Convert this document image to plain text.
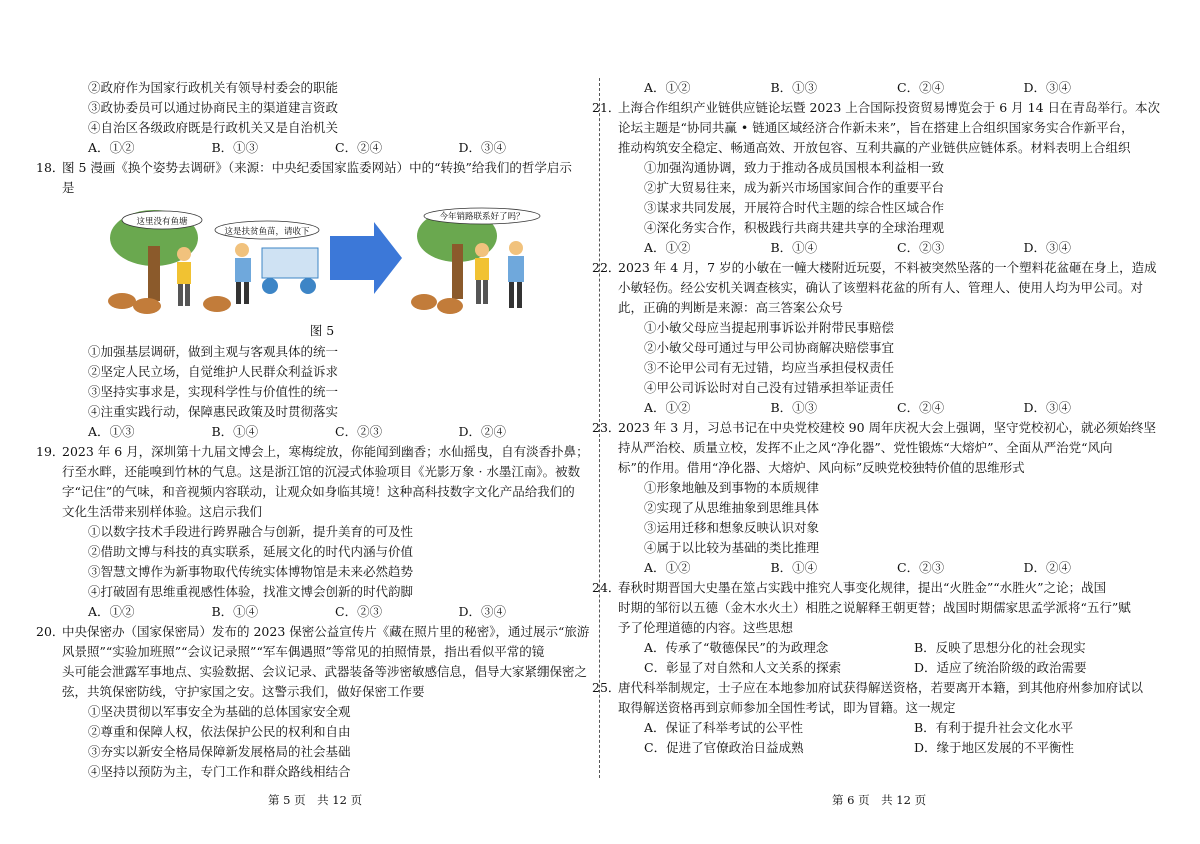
②政府作为国家行政机关有领导村委会的职能
③政协委员可以通过协商民主的渠道建言资政
④自治区各级政府既是行政机关又是自治机关
A．①②	B．①③	C．②④	D．③④
18．
图 5 漫画《换个姿势去调研》（来源：中央纪委国家监委网站）中的“转换”给我们的哲学启示
是
这里没有鱼塘
这是扶贫鱼苗，请收下
今年销路联系好了吗？
图 5
①加强基层调研，做到主观与客观具体的统一
②坚定人民立场，自觉维护人民群众利益诉求
③坚持实事求是，实现科学性与价值性的统一
④注重实践行动，保障惠民政策及时贯彻落实
A．①③	B．①④	C．②③	D．②④
19．
2023 年 6 月，深圳第十九届文博会上，寒梅绽放，你能闻到幽香；水仙摇曳，自有淡香扑鼻；
行至水畔，还能嗅到竹林的气息。这是浙江馆的沉浸式体验项目《光影万象 · 水墨江南》。被数
字“记住”的气味，和音视频内容联动，让观众如身临其境！这种高科技数字文化产品给我们的
文化生活带来别样体验。这启示我们
①以数字技术手段进行跨界融合与创新，提升美育的可及性
②借助文博与科技的真实联系，延展文化的时代内涵与价值
③智慧文博作为新事物取代传统实体博物馆是未来必然趋势
④打破固有思维重视感性体验，找准文博会创新的时代韵脚
A．①②	B．①④	C．②③	D．③④
20．
中央保密办（国家保密局）发布的 2023 保密公益宣传片《藏在照片里的秘密》，通过展示“旅游
风景照”“实验加班照”“会议记录照”“军车偶遇照”等常见的拍照情景，指出看似平常的镜
头可能会泄露军事地点、实验数据、会议记录、武器装备等涉密敏感信息，倡导大家紧绷保密之
弦，共筑保密防线，守护家国之安。这警示我们，做好保密工作要
①坚决贯彻以军事安全为基础的总体国家安全观
②尊重和保障人权，依法保护公民的权利和自由
③夯实以新安全格局保障新发展格局的社会基础
④坚持以预防为主，专门工作和群众路线相结合
A．①②	B．①③	C．②④	D．③④
21．
上海合作组织产业链供应链论坛暨 2023 上合国际投资贸易博览会于 6 月 14 日在青岛举行。本次
论坛主题是“协同共赢 • 链通区域经济合作新未来”，旨在搭建上合组织国家务实合作新平台，
推动构筑安全稳定、畅通高效、开放包容、互利共赢的产业链供应链体系。材料表明上合组织
①加强沟通协调，致力于推动各成员国根本利益相一致
②扩大贸易往来，成为新兴市场国家间合作的重要平台
③谋求共同发展，开展符合时代主题的综合性区域合作
④深化务实合作，积极践行共商共建共享的全球治理观
A．①②	B．①④	C．②③	D．③④
22．
2023 年 4 月，7 岁的小敏在一幢大楼附近玩耍，不料被突然坠落的一个塑料花盆砸在身上，造成
小敏轻伤。经公安机关调查核实，确认了该塑料花盆的所有人、管理人、使用人均为甲公司。对
此，正确的判断是来源：高三答案公众号
①小敏父母应当提起刑事诉讼并附带民事赔偿
②小敏父母可通过与甲公司协商解决赔偿事宜
③不论甲公司有无过错，均应当承担侵权责任
④甲公司诉讼时对自己没有过错承担举证责任
A．①②	B．①③	C．②④	D．③④
23．
2023 年 3 月，习总书记在中央党校建校 90 周年庆祝大会上强调，坚守党校初心，就必须始终坚
持从严治校、质量立校，发挥不止之风“净化器”、党性锻炼“大熔炉”、全面从严治党“风向
标”的作用。借用“净化器、大熔炉、风向标”反映党校独特价值的思维形式
①形象地触及到事物的本质规律
②实现了从思维抽象到思维具体
③运用迁移和想象反映认识对象
④属于以比较为基础的类比推理
A．①②	B．①④	C．②③	D．②④
24．
春秋时期晋国大史墨在筮占实践中推究人事变化规律，提出“火胜金”“水胜火”之论；战国
时期的邹衍以五德（金木水火土）相胜之说解释王朝更替；战国时期儒家思孟学派将“五行”赋
予了伦理道德的内容。这些思想
A．传承了“敬德保民”的为政理念	B．反映了思想分化的社会现实
C．彰显了对自然和人文关系的探索	D．适应了统治阶级的政治需要
25．
唐代科举制规定，士子应在本地参加府试获得解送资格，若要离开本籍，到其他府州参加府试以
取得解送资格再到京师参加全国性考试，即为冒籍。这一规定
A．保证了科举考试的公平性	B．有利于提升社会文化水平
C．促进了官僚政治日益成熟	D．缘于地区发展的不平衡性
第 5 页　共 12 页	第 6 页　共 12 页
